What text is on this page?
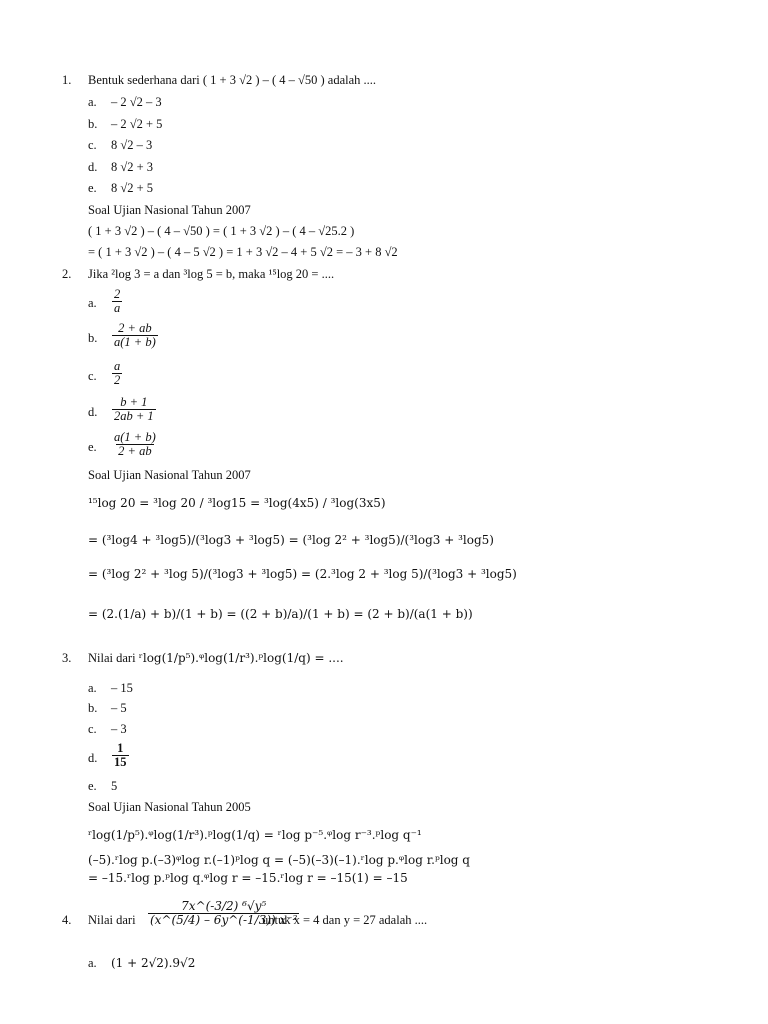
1. Bentuk sederhana dari ( 1 + 3 √2 ) – ( 4 – √50 ) adalah ....
a. – 2 √2 – 3
b. – 2 √2 + 5
c. 8 √2 – 3
d. 8 √2 + 3
e. 8 √2 + 5
Soal Ujian Nasional Tahun 2007
( 1 + 3 √2 ) – ( 4 – √50 ) = ( 1 + 3 √2 ) – ( 4 – √25.2 )
= ( 1 + 3 √2 ) – ( 4 – 5 √2 ) = 1 + 3 √2 – 4 + 5 √2 = – 3 + 8 √2
2. Jika ²log 3 = a dan ³log 5 = b, maka ¹⁵log 20 = ....
a. $\frac{2}{a}$
b. $\frac{2 + ab}{a(1 + b)}$
c. $\frac{a}{2}$
d. $\frac{b + 1}{2ab + 1}$
e. $\frac{a(1 + b)}{2 + ab}$
Soal Ujian Nasional Tahun 2007
¹⁵log 20 = ³log 20 / ³log15 = ³log(4x5) / ³log(3x5)
= (³log4 + ³log5)/(³log3 + ³log5) = (³log 2² + ³log5)/(³log3 + ³log5)
= (³log 2² + ³log 5)/(³log3 + ³log5) = (2.³log 2 + ³log 5)/(³log3 + ³log5)
= (2.(1/a) + b)/(1 + b) = ((2 + b)/a)/(1 + b) = (2 + b)/(a(1 + b))
3. Nilai dari ʳlog(1/p⁵).ᵠlog(1/r³).ᵖlog(1/q) = ....
a. – 15
b. – 5
c. – 3
d. $\frac{1}{15}$
e. 5
Soal Ujian Nasional Tahun 2005
ʳlog(1/p⁵).ᵠlog(1/r³).ᵖlog(1/q) = ʳlog p⁻⁵.ᵠlog r⁻³.ᵖlog q⁻¹
(–5).ʳlog p.(–3)ᵠlog r.(–1)ᵖlog q = (–5)(–3)(–1).ʳlog p.ᵠlog r.ᵖlog q
= –15.ʳlog p.ᵖlog q.ᵠlog r = –15.ʳlog r = –15(1) = –15
4. Nilai dari $\frac{\text{7x\textasciicircum{}(-3/2) ⁶√y⁵}}{\text{(x\textasciicircum{}(5/4) – 6y\textasciicircum{}(-1/3)) x⁻²}}$
untuk x = 4 dan y = 27 adalah ....
a. (1 + 2√2).9√2
